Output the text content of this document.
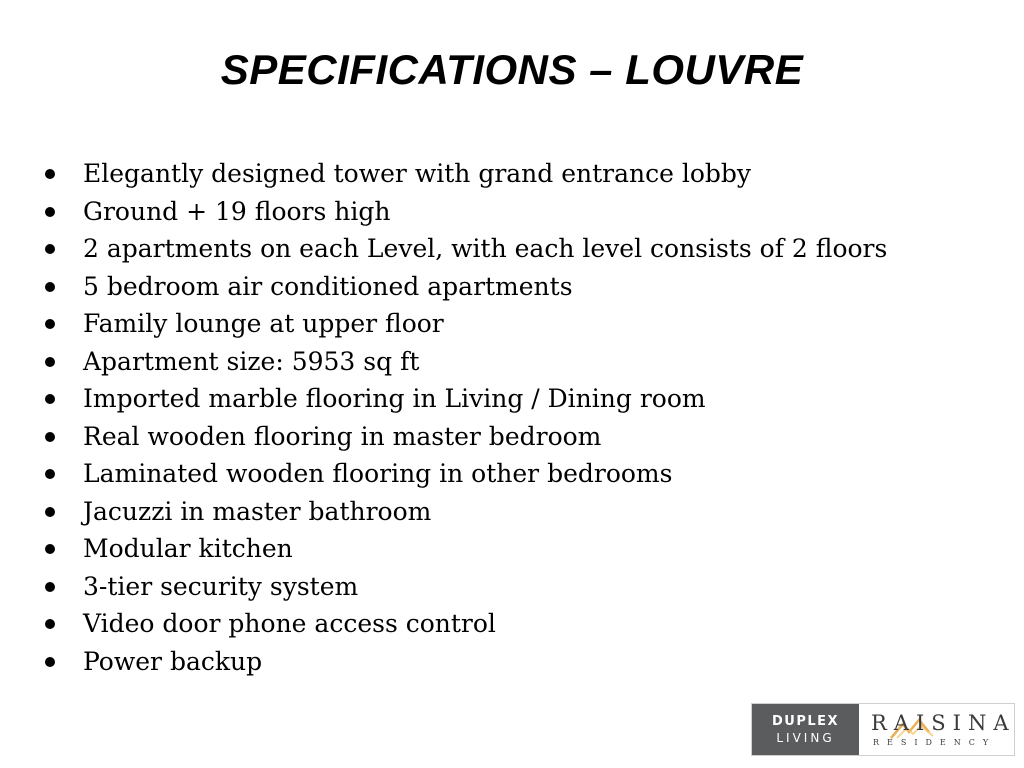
SPECIFICATIONS – LOUVRE
Elegantly designed tower with grand entrance lobby
Ground + 19 floors high
2 apartments on each Level, with each level consists of 2 floors
5 bedroom air conditioned apartments
Family lounge at upper floor
Apartment size: 5953 sq ft
Imported marble flooring in Living / Dining room
Real wooden flooring in master bedroom
Laminated wooden flooring in other bedrooms
Jacuzzi in master bathroom
Modular kitchen
3-tier security system
Video door phone access control
Power backup
DUPLEX
LIVING
RAISINA
RESIDENCY
